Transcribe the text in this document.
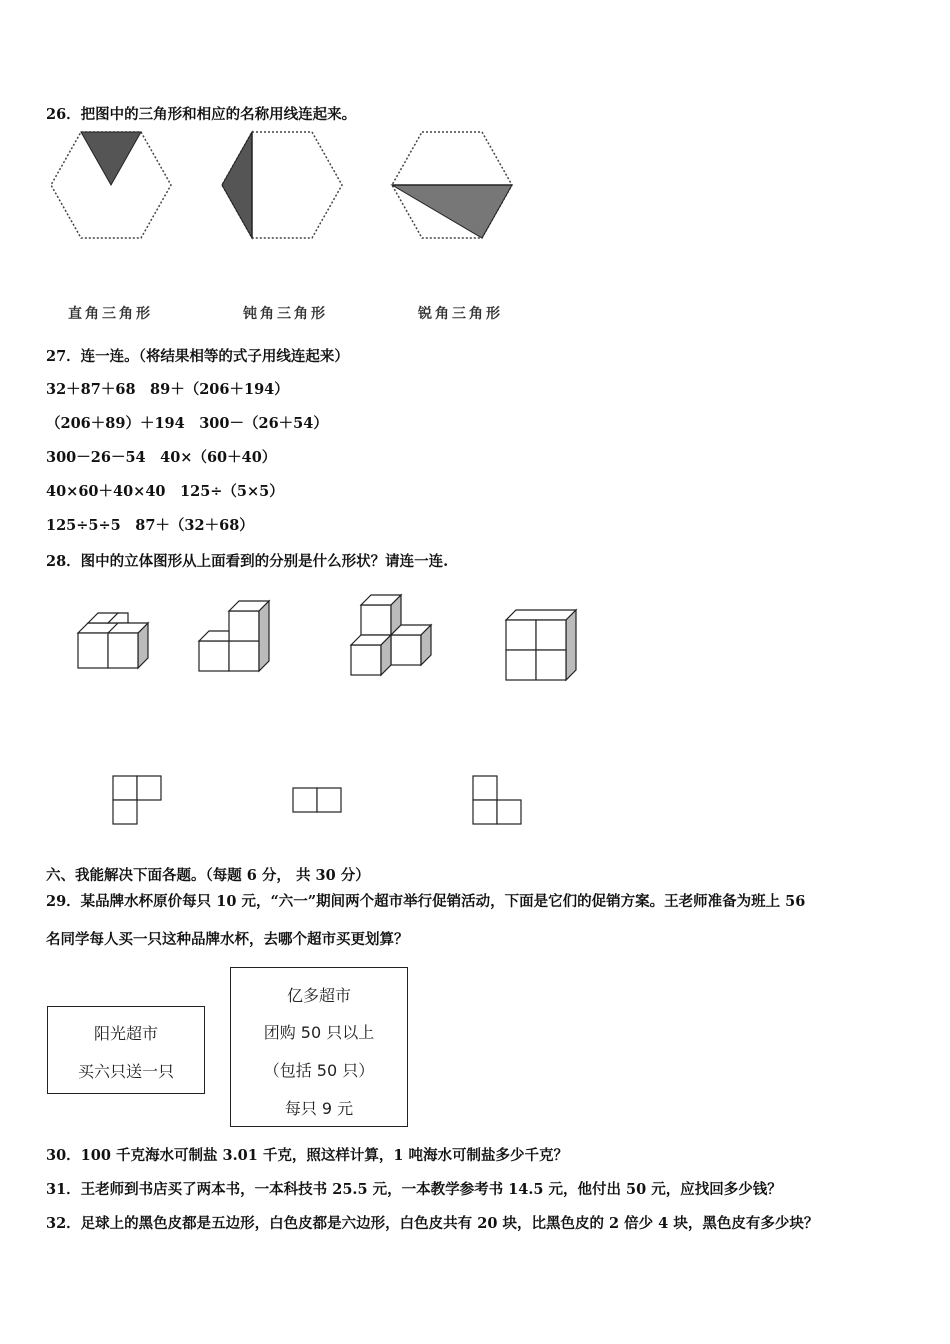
26．把图中的三角形和相应的名称用线连起来。
直角三角形	钝角三角形	锐角三角形
27．连一连。（将结果相等的式子用线连起来）
32＋87＋68　89＋（206＋194）
（206＋89）＋194　300－（26＋54）
300－26－54　40×（60＋40）
40×60＋40×40　125÷（5×5）
125÷5÷5　87＋（32＋68）
28．图中的立体图形从上面看到的分别是什么形状？请连一连.
六、我能解决下面各题。（每题 6 分， 共 30 分）
29．某品牌水杯原价每只 10 元，“六一”期间两个超市举行促销活动，下面是它们的促销方案。王老师准备为班上 56
名同学每人买一只这种品牌水杯，去哪个超市买更划算？
阳光超市
买六只送一只
亿多超市
团购 50 只以上
（包括 50 只）
每只 9 元
30．100 千克海水可制盐 3.01 千克，照这样计算，1 吨海水可制盐多少千克？
31．王老师到书店买了两本书，一本科技书 25.5 元，一本教学参考书 14.5 元，他付出 50 元，应找回多少钱？
32．足球上的黑色皮都是五边形，白色皮都是六边形，白色皮共有 20 块，比黑色皮的 2 倍少 4 块，黑色皮有多少块？
